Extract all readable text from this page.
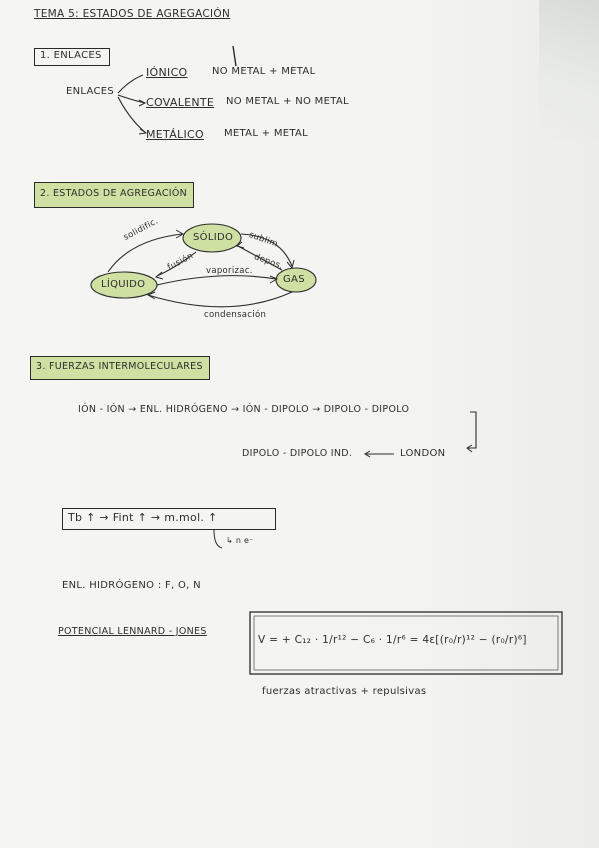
TEMA 5: ESTADOS DE AGREGACIÓN
1. ENLACES
ENLACES
IÓNICO NO METAL + METAL
COVALENTE NO METAL + NO METAL
METÁLICO METAL + METAL
2. ESTADOS DE AGREGACIÓN
SÓLIDO
LÍQUIDO	GAS
solidific.
fusión
sublim.
depos.
vaporizac.
condensación
3. FUERZAS INTERMOLECULARES
IÓN - IÓN → ENL. HIDRÓGENO → IÓN - DIPOLO → DIPOLO - DIPOLO
DIPOLO - DIPOLO IND.	LONDON
Tb ↑ → Fint ↑ → m.mol. ↑
↳ n e⁻
ENL. HIDRÓGENO : F, O, N
POTENCIAL LENNARD - JONES
V = + C₁₂ · 1/r¹² − C₆ · 1/r⁶ = 4ε[(r₀/r)¹² − (r₀/r)⁶]
fuerzas atractivas + repulsivas
